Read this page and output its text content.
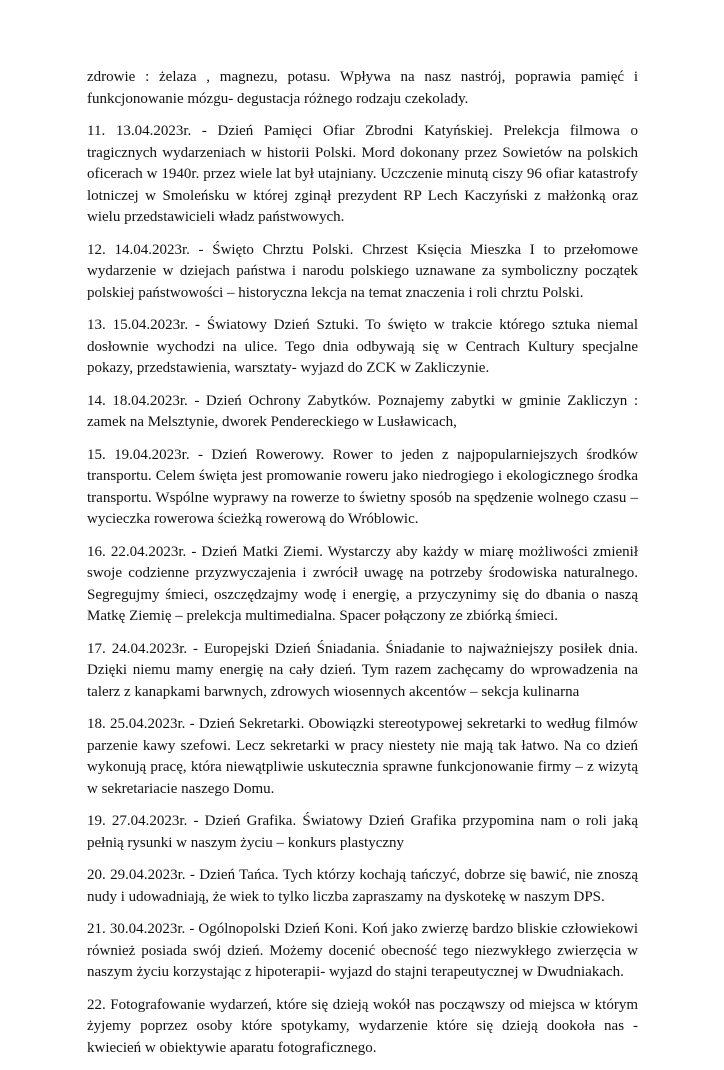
zdrowie : żelaza , magnezu, potasu. Wpływa na nasz nastrój, poprawia pamięć i funkcjonowanie mózgu- degustacja różnego rodzaju czekolady.

11. 13.04.2023r. - Dzień Pamięci Ofiar Zbrodni Katyńskiej. Prelekcja filmowa o tragicznych wydarzeniach w historii Polski. Mord dokonany przez Sowietów na polskich oficerach w 1940r. przez wiele lat był utajniany. Uczczenie minutą ciszy 96 ofiar katastrofy lotniczej w Smoleńsku w której zginął prezydent RP Lech Kaczyński z małżonką oraz wielu przedstawicieli władz państwowych.

12. 14.04.2023r. - Święto Chrztu Polski. Chrzest Księcia Mieszka I to przełomowe wydarzenie w dziejach państwa i narodu polskiego uznawane za symboliczny początek polskiej państwowości – historyczna lekcja na temat znaczenia i roli chrztu Polski.

13. 15.04.2023r. - Światowy Dzień Sztuki. To święto w trakcie którego sztuka niemal dosłownie wychodzi na ulice. Tego dnia odbywają się w Centrach Kultury specjalne pokazy, przedstawienia, warsztaty- wyjazd do ZCK w Zakliczynie.

14. 18.04.2023r. - Dzień Ochrony Zabytków. Poznajemy zabytki w gminie Zakliczyn : zamek na Melsztynie, dworek Pendereckiego w Lusławicach,

15. 19.04.2023r. - Dzień Rowerowy. Rower to jeden z najpopularniejszych środków transportu. Celem święta jest promowanie roweru jako niedrogiego i ekologicznego środka transportu. Wspólne wyprawy na rowerze to świetny sposób na spędzenie wolnego czasu – wycieczka rowerowa ścieżką rowerową do Wróblowic.

16. 22.04.2023r. - Dzień Matki Ziemi. Wystarczy aby każdy w miarę możliwości zmienił swoje codzienne przyzwyczajenia i zwrócił uwagę na potrzeby środowiska naturalnego. Segregujmy śmieci, oszczędzajmy wodę i energię, a przyczynimy się do dbania o naszą Matkę Ziemię – prelekcja multimedialna. Spacer połączony ze zbiórką śmieci.

17. 24.04.2023r. - Europejski Dzień Śniadania. Śniadanie to najważniejszy posiłek dnia. Dzięki niemu mamy energię na cały dzień. Tym razem zachęcamy do wprowadzenia na talerz z kanapkami barwnych, zdrowych wiosennych akcentów – sekcja kulinarna

18. 25.04.2023r. - Dzień Sekretarki. Obowiązki stereotypowej sekretarki to według filmów parzenie kawy szefowi. Lecz sekretarki w pracy niestety nie mają tak łatwo. Na co dzień wykonują pracę, która niewątpliwie uskutecznia sprawne funkcjonowanie firmy – z wizytą w sekretariacie naszego Domu.

19. 27.04.2023r. - Dzień Grafika. Światowy Dzień Grafika przypomina nam o roli jaką pełnią rysunki w naszym życiu – konkurs plastyczny

20. 29.04.2023r. - Dzień Tańca. Tych którzy kochają tańczyć, dobrze się bawić, nie znoszą nudy i udowadniają, że wiek to tylko liczba zapraszamy na dyskotekę w naszym DPS.

21. 30.04.2023r. - Ogólnopolski Dzień Koni. Koń jako zwierzę bardzo bliskie człowiekowi również posiada swój dzień. Możemy docenić obecność tego niezwykłego zwierzęcia w naszym życiu korzystając z hipoterapii- wyjazd do stajni terapeutycznej w Dwudniakach.

22. Fotografowanie wydarzeń, które się dzieją wokół nas począwszy od miejsca w którym żyjemy poprzez osoby które spotykamy, wydarzenie które się dzieją dookoła nas - kwiecień w obiektywie aparatu fotograficznego.
